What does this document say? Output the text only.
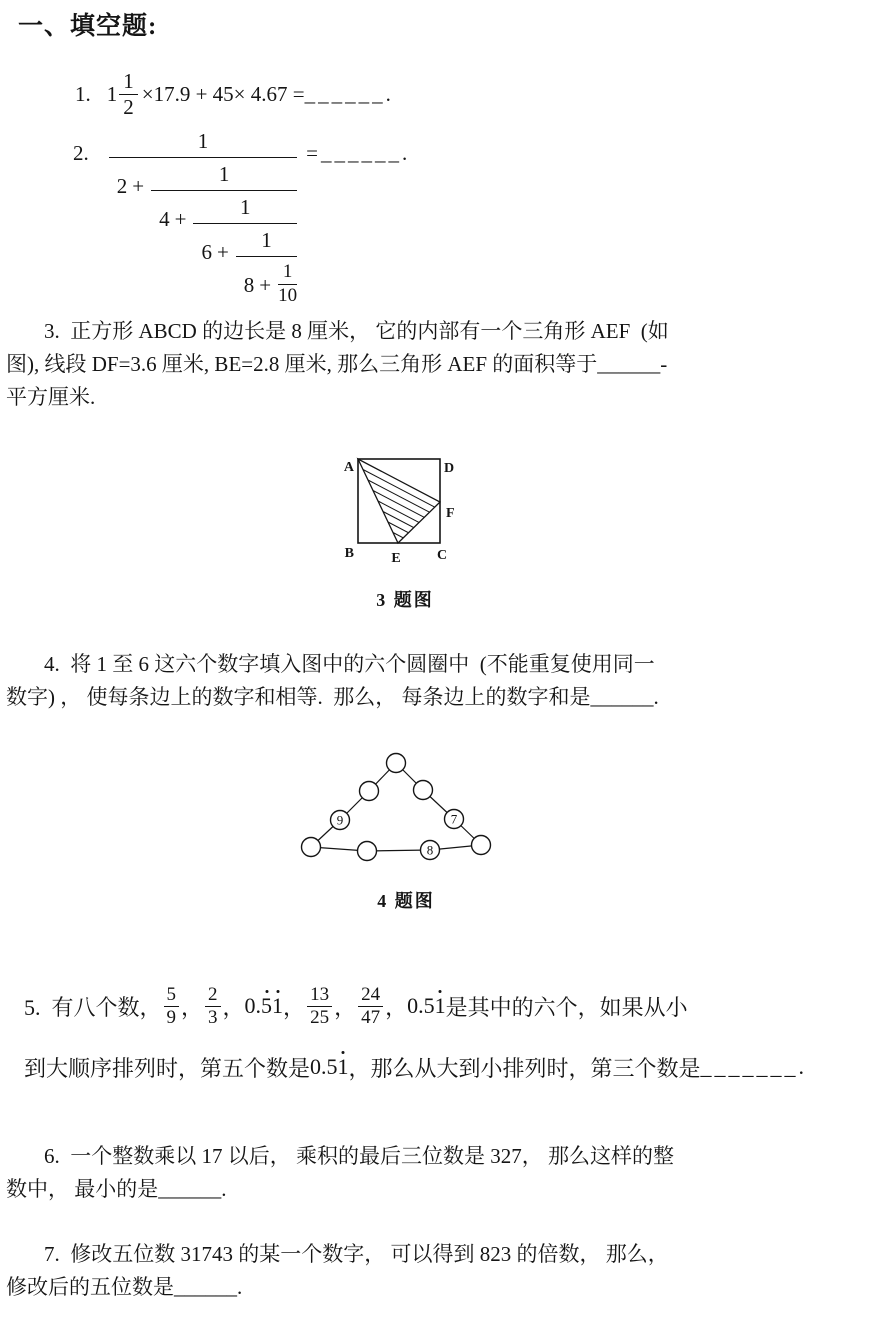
一、填空题:
1. $1 \frac{1}{2} \times 17.9 + 45\times 4.67$ = ______ .
2.	1
2 +	1
4 +	1
$6 + \frac{1}{8 + \frac{1}{10}}$
= ______ .
3.  正方形 ABCD 的边长是 8 厘米， 它的内部有一个三角形 AEF  (如
图), 线段 DF=3.6 厘米, BE=2.8 厘米, 那么三角形 AEF 的面积等于______-
平方厘米.
A	D
B	C
E
F
3 题图
4.  将 1 至 6 这六个数字填入图中的六个圆圈中  (不能重复使用同一
数字) ， 使每条边上的数字和相等.  那么， 每条边上的数字和是______.
9	7
8
4 题图
5.  有八个数，
5
9 ，
2
3 ， 0.51 ，
13
25 ，
24
47 ， 0.51 是其中的六个，如果从小
到大顺序排列时，第五个数是 0.51 ，那么从大到小排列时，第三个数是 _______ .
6.  一个整数乘以 17 以后， 乘积的最后三位数是 327， 那么这样的整
数中， 最小的是______.
7.  修改五位数 31743 的某一个数字， 可以得到 823 的倍数， 那么，
修改后的五位数是______.
